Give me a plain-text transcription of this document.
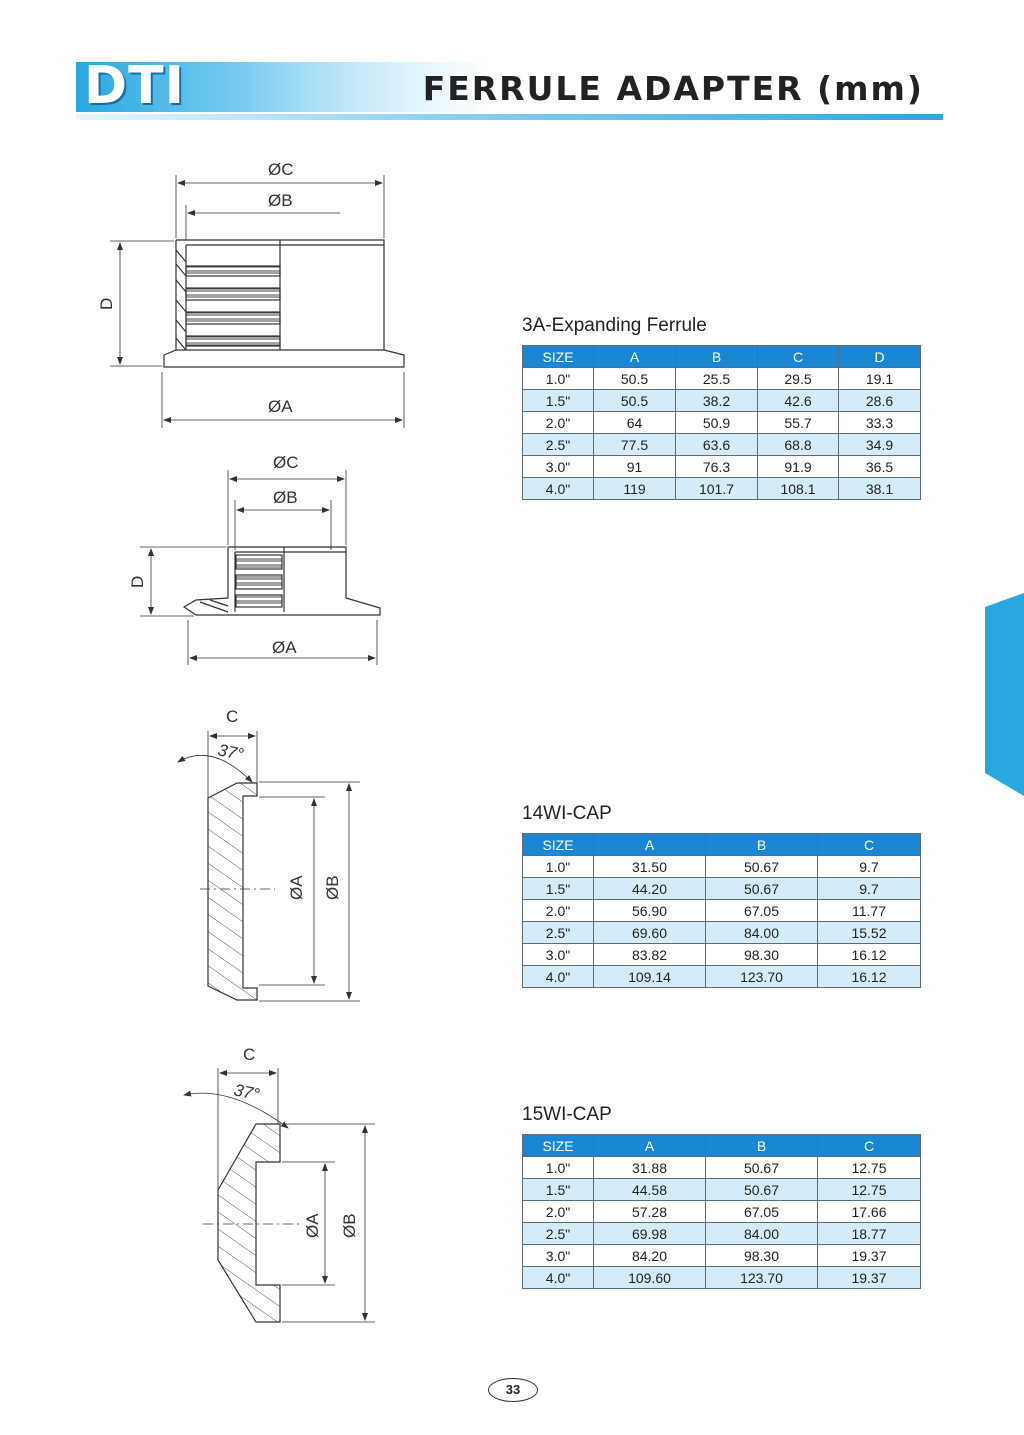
DTI	FERRULE ADAPTER (mm)
ØC
ØB
ØA
D
ØC
ØB
ØA
D
C
37°
ØA ØB
C
37°
ØA ØB
3A-Expanding Ferrule
SIZE	A	B	C	D
1.0"	50.5	25.5	29.5	19.1
1.5"	50.5	38.2	42.6	28.6
2.0"	64	50.9	55.7	33.3
2.5"	77.5	63.6	68.8	34.9
3.0"	91	76.3	91.9	36.5
4.0"	119	101.7	108.1	38.1
14WI-CAP
SIZE	A	B	C
1.0"	31.50	50.67	9.7
1.5"	44.20	50.67	9.7
2.0"	56.90	67.05	11.77
2.5"	69.60	84.00	15.52
3.0"	83.82	98.30	16.12
4.0"	109.14	123.70	16.12
15WI-CAP
SIZE	A	B	C
1.0"	31.88	50.67	12.75
1.5"	44.58	50.67	12.75
2.0"	57.28	67.05	17.66
2.5"	69.98	84.00	18.77
3.0"	84.20	98.30	19.37
4.0"	109.60	123.70	19.37
33
